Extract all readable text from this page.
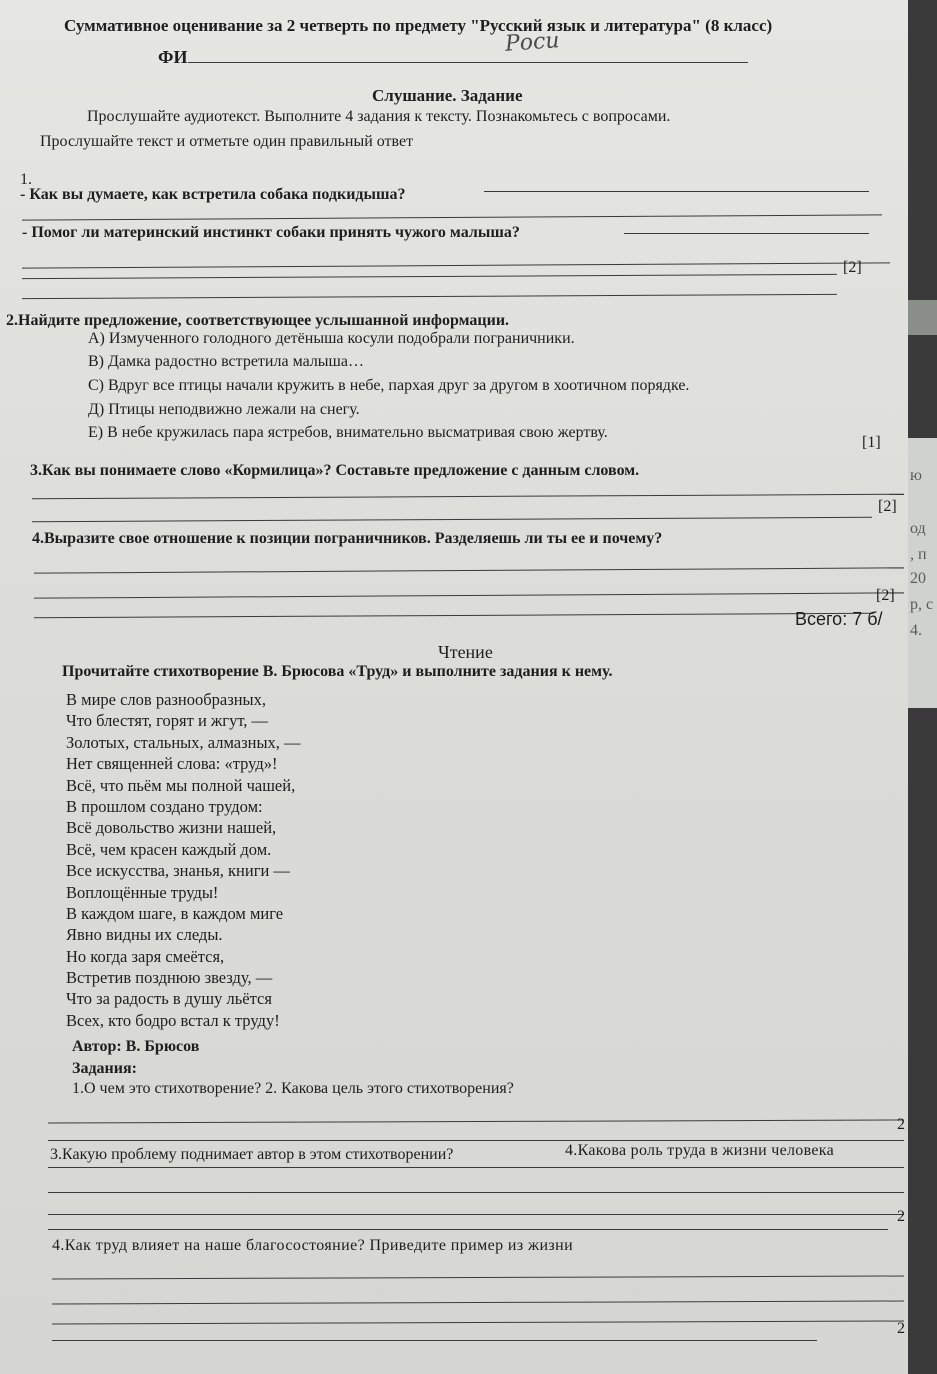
Суммативное оценивание за 2 четверть по предмету "Русский язык и литература" (8 класс)
ФИ
Роси
Слушание. Задание
Прослушайте аудиотекст. Выполните 4 задания к тексту. Познакомьтесь с вопросами.
Прослушайте текст и отметьте один правильный ответ
1.
- Как вы думаете, как встретила собака подкидыша?
- Помог ли материнский инстинкт собаки принять чужого малыша?
[2]
2.Найдите предложение, соответствующее услышанной информации.
А) Измученного голодного детёныша косули подобрали пограничники.
В) Дамка радостно встретила малыша…
С) Вдруг все птицы начали кружить в небе, пархая друг за другом в хоотичном порядке.
Д) Птицы неподвижно лежали на снегу.
Е) В небе кружилась пара ястребов, внимательно высматривая свою жертву.
[1]
3.Как вы понимаете слово «Кормилица»? Составьте предложение с данным словом.
[2]
4.Выразите свое отношение к позиции пограничников. Разделяешь ли ты ее и почему?
[2]
Всего: 7 б/
Чтение
Прочитайте стихотворение В. Брюсова «Труд» и выполните задания к нему.
В мире слов разнообразных,
Что блестят, горят и жгут, —
Золотых, стальных, алмазных, —
Нет священней слова: «труд»!
Всё, что пьём мы полной чашей,
В прошлом создано трудом:
Всё довольство жизни нашей,
Всё, чем красен каждый дом.
Все искусства, знанья, книги —
Воплощённые труды!
В каждом шаге, в каждом миге
Явно видны их следы.
Но когда заря смеётся,
Встретив позднюю звезду, —
Что за радость в душу льётся
Всех, кто бодро встал к труду!
Автор: В. Брюсов
Задания:
1.О чем это стихотворение? 2. Какова цель этого стихотворения?
2
3.Какую проблему поднимает автор в этом стихотворении?	4.Какова роль труда в жизни человека
2
4.Как труд влияет на наше благосостояние? Приведите пример из жизни
2
ю
од
, п
20
р, с
4.
